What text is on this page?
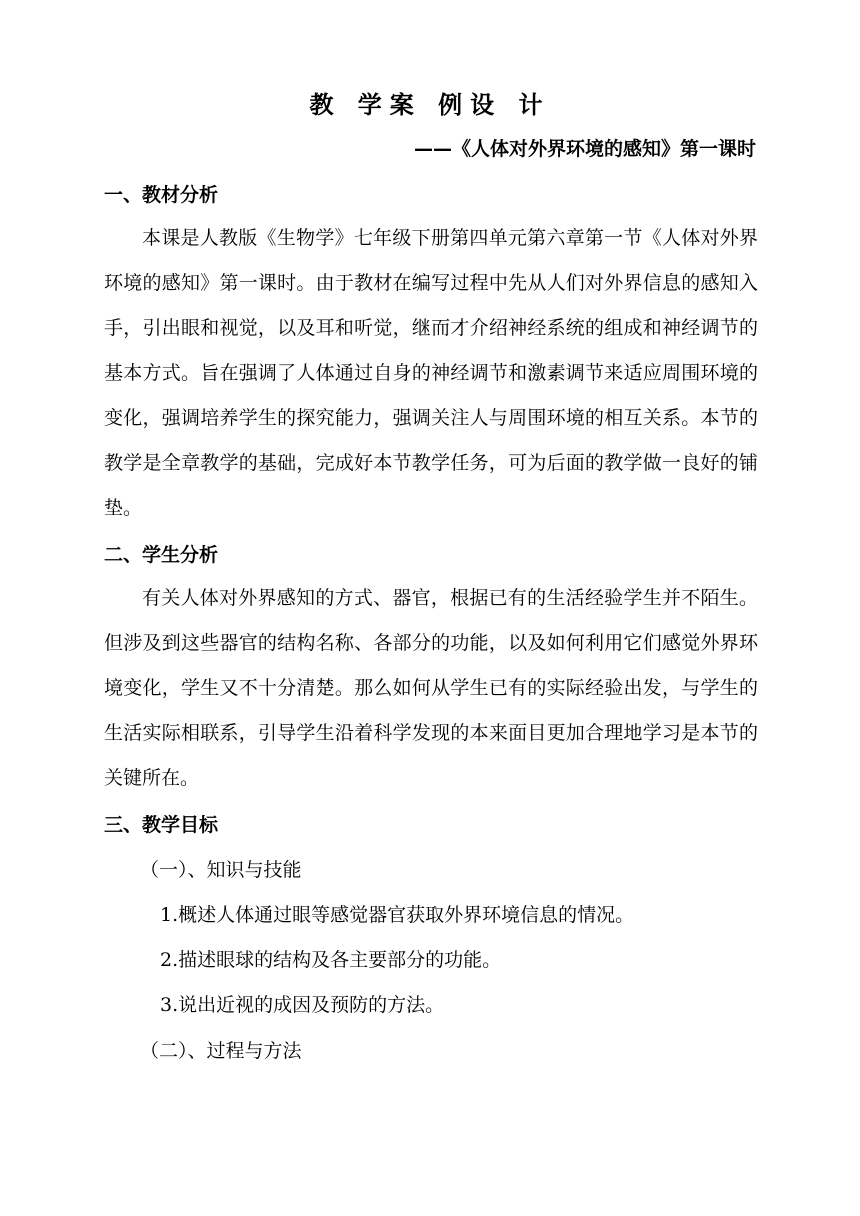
教 学案 例设 计
——《人体对外界环境的感知》第一课时
一、教材分析
本课是人教版《生物学》七年级下册第四单元第六章第一节《人体对外界环境的感知》第一课时。由于教材在编写过程中先从人们对外界信息的感知入手，引出眼和视觉，以及耳和听觉，继而才介绍神经系统的组成和神经调节的基本方式。旨在强调了人体通过自身的神经调节和激素调节来适应周围环境的变化，强调培养学生的探究能力，强调关注人与周围环境的相互关系。本节的教学是全章教学的基础，完成好本节教学任务，可为后面的教学做一良好的铺垫。
二、学生分析
有关人体对外界感知的方式、器官，根据已有的生活经验学生并不陌生。但涉及到这些器官的结构名称、各部分的功能，以及如何利用它们感觉外界环境变化，学生又不十分清楚。那么如何从学生已有的实际经验出发，与学生的生活实际相联系，引导学生沿着科学发现的本来面目更加合理地学习是本节的关键所在。
三、教学目标
（一）、知识与技能
1.概述人体通过眼等感觉器官获取外界环境信息的情况。
2.描述眼球的结构及各主要部分的功能。
3.说出近视的成因及预防的方法。
（二）、过程与方法
